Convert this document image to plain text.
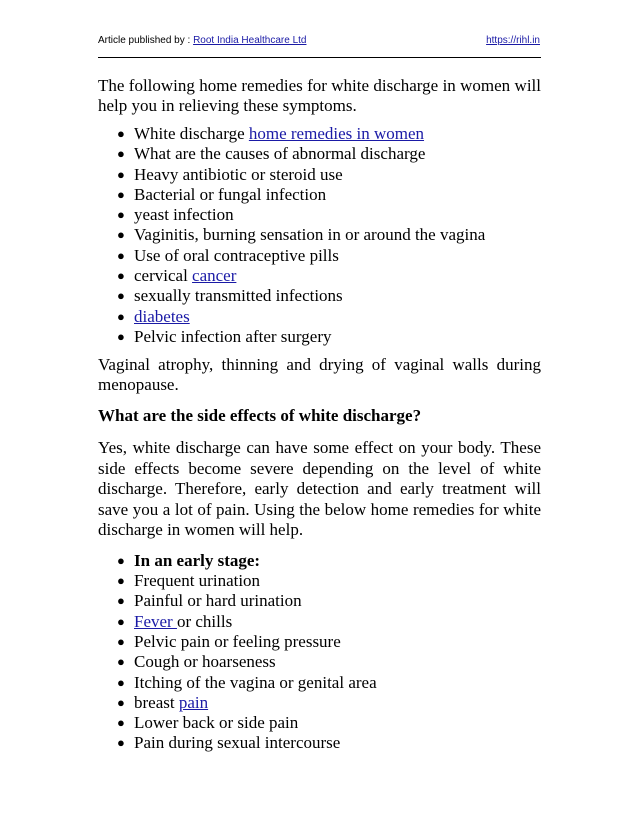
Article published by : Root India Healthcare Ltd	https://rihl.in

The following home remedies for white discharge in women will help you in relieving these symptoms.

● White discharge home remedies in women
● What are the causes of abnormal discharge
● Heavy antibiotic or steroid use
● Bacterial or fungal infection
● yeast infection
● Vaginitis, burning sensation in or around the vagina
● Use of oral contraceptive pills
● cervical cancer
● sexually transmitted infections
● diabetes
● Pelvic infection after surgery

Vaginal atrophy, thinning and drying of vaginal walls during menopause.

What are the side effects of white discharge?

Yes, white discharge can have some effect on your body. These side effects become severe depending on the level of white discharge. Therefore, early detection and early treatment will save you a lot of pain. Using the below home remedies for white discharge in women will help.

● In an early stage:
● Frequent urination
● Painful or hard urination
● Fever or chills
● Pelvic pain or feeling pressure
● Cough or hoarseness
● Itching of the vagina or genital area
● breast pain
● Lower back or side pain
● Pain during sexual intercourse
